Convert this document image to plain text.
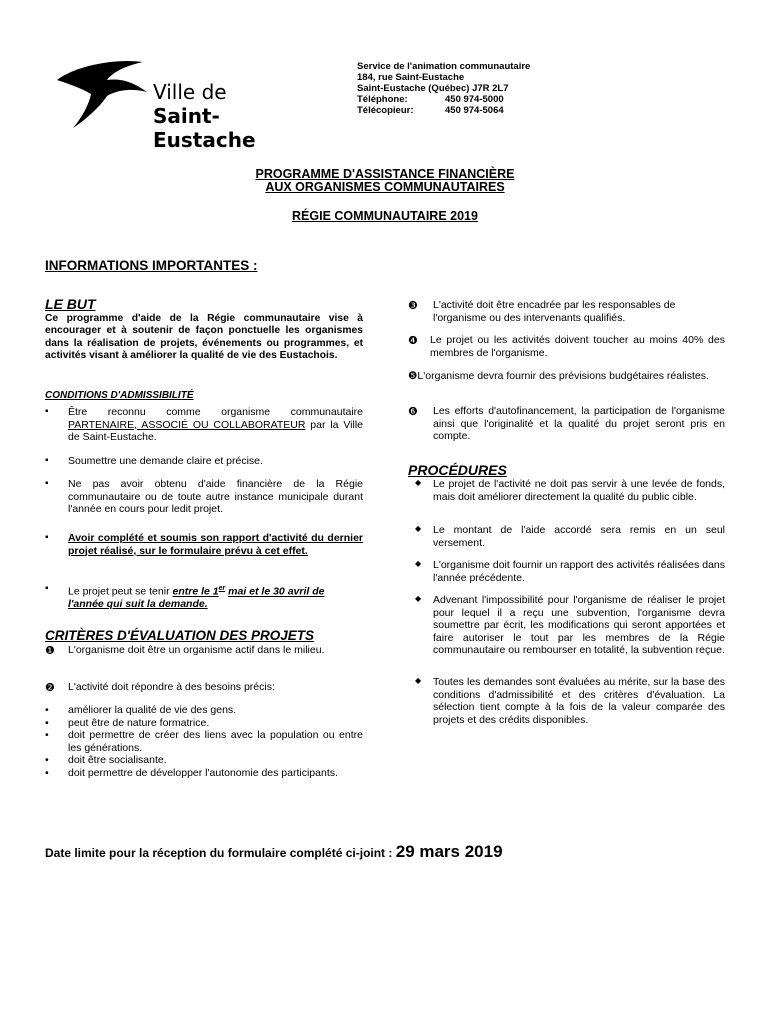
Ville de
Saint-Eustache
Service de l'animation communautaire
184, rue Saint-Eustache
Saint-Eustache (Québec) J7R 2L7
Téléphone:	450 974-5000
Télécopieur:	450 974-5064
PROGRAMME D'ASSISTANCE FINANCIÈRE
AUX ORGANISMES COMMUNAUTAIRES
RÉGIE COMMUNAUTAIRE 2019
INFORMATIONS IMPORTANTES :
LE BUT
Ce programme d'aide de la Régie communautaire vise à encourager et à soutenir de façon ponctuelle les organismes dans la réalisation de projets, événements ou programmes, et activités visant à améliorer la qualité de vie des Eustachois.
CONDITIONS D'ADMISSIBILITÉ
▪ Être reconnu comme organisme communautaire PARTENAIRE, ASSOCIÉ OU COLLABORATEUR par la Ville de Saint-Eustache.
▪ Soumettre une demande claire et précise.
▪ Ne pas avoir obtenu d'aide financière de la Régie communautaire ou de toute autre instance municipale durant l'année en cours pour ledit projet.
▪ Avoir complété et soumis son rapport d'activité du dernier projet réalisé, sur le formulaire prévu à cet effet.
▪ Le projet peut se tenir entre le 1er mai et le 30 avril de l'année qui suit la demande.
CRITÈRES D'ÉVALUATION DES PROJETS
❶ L'organisme doit être un organisme actif dans le milieu.
❷ L'activité doit répondre à des besoins précis:
• améliorer la qualité de vie des gens.
• peut être de nature formatrice.
• doit permettre de créer des liens avec la population ou entre les générations.
• doit être socialisante.
• doit permettre de développer l'autonomie des participants.
❸ L'activité doit être encadrée par les responsables de l'organisme ou des intervenants qualifiés.
❹ Le projet ou les activités doivent toucher au moins 40% des membres de l'organisme.
❺L'organisme devra fournir des prévisions budgétaires réalistes.
❻ Les efforts d'autofinancement, la participation de l'organisme ainsi que l'originalité et la qualité du projet seront pris en compte.
PROCÉDURES
◆ Le projet de l'activité ne doit pas servir à une levée de fonds, mais doit améliorer directement la qualité du public cible.
◆ Le montant de l'aide accordé sera remis en un seul versement.
◆ L'organisme doit fournir un rapport des activités réalisées dans l'année précédente.
◆ Advenant l'impossibilité pour l'organisme de réaliser le projet pour lequel il a reçu une subvention, l'organisme devra soumettre par écrit, les modifications qui seront apportées et faire autoriser le tout par les membres de la Régie communautaire ou rembourser en totalité, la subvention reçue.
◆ Toutes les demandes sont évaluées au mérite, sur la base des conditions d'admissibilité et des critères d'évaluation. La sélection tient compte à la fois de la valeur comparée des projets et des crédits disponibles.
Date limite pour la réception du formulaire complété ci-joint : 29 mars 2019
